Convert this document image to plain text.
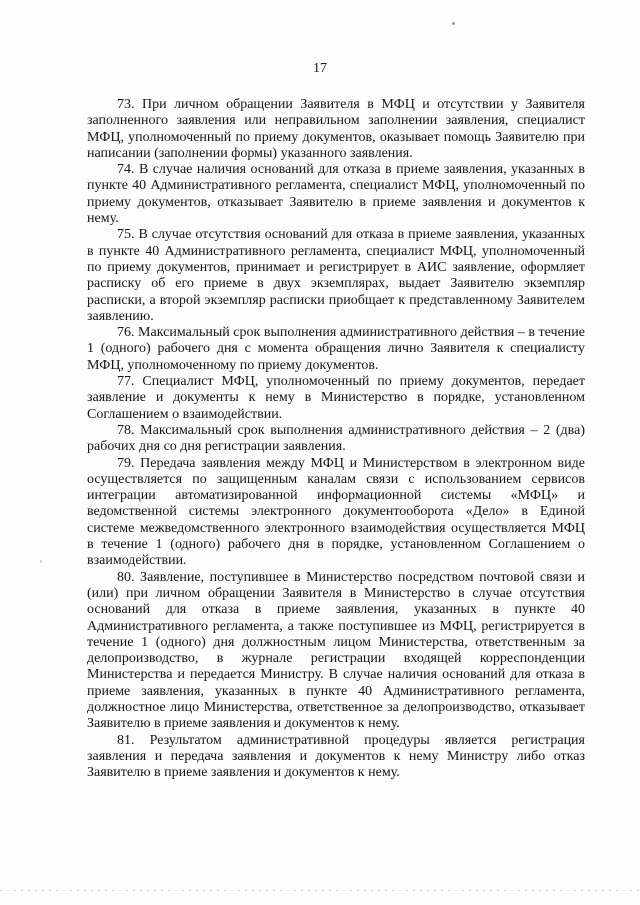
17

73. При личном обращении Заявителя в МФЦ и отсутствии у Заявителя заполненного заявления или неправильном заполнении заявления, специалист МФЦ, уполномоченный по приему документов, оказывает помощь Заявителю при написании (заполнении формы) указанного заявления.

74. В случае наличия оснований для отказа в приеме заявления, указанных в пункте 40 Административного регламента, специалист МФЦ, уполномоченный по приему документов, отказывает Заявителю в приеме заявления и документов к нему.

75. В случае отсутствия оснований для отказа в приеме заявления, указанных в пункте 40 Административного регламента, специалист МФЦ, уполномоченный по приему документов, принимает и регистрирует в АИС заявление, оформляет расписку об его приеме в двух экземплярах, выдает Заявителю экземпляр расписки, а второй экземпляр расписки приобщает к представленному Заявителем заявлению.

76. Максимальный срок выполнения административного действия – в течение 1 (одного) рабочего дня с момента обращения лично Заявителя к специалисту МФЦ, уполномоченному по приему документов.

77. Специалист МФЦ, уполномоченный по приему документов, передает заявление и документы к нему в Министерство в порядке, установленном Соглашением о взаимодействии.

78. Максимальный срок выполнения административного действия – 2 (два) рабочих дня со дня регистрации заявления.

79. Передача заявления между МФЦ и Министерством в электронном виде осуществляется по защищенным каналам связи с использованием сервисов интеграции автоматизированной информационной системы «МФЦ» и ведомственной системы электронного документооборота «Дело» в Единой системе межведомственного электронного взаимодействия осуществляется МФЦ в течение 1 (одного) рабочего дня в порядке, установленном Соглашением о взаимодействии.

80. Заявление, поступившее в Министерство посредством почтовой связи и (или) при личном обращении Заявителя в Министерство в случае отсутствия оснований для отказа в приеме заявления, указанных в пункте 40 Административного регламента, а также поступившее из МФЦ, регистрируется в течение 1 (одного) дня должностным лицом Министерства, ответственным за делопроизводство, в журнале регистрации входящей корреспонденции Министерства и передается Министру. В случае наличия оснований для отказа в приеме заявления, указанных в пункте 40 Административного регламента, должностное лицо Министерства, ответственное за делопроизводство, отказывает Заявителю в приеме заявления и документов к нему.

81. Результатом административной процедуры является регистрация заявления и передача заявления и документов к нему Министру либо отказ Заявителю в приеме заявления и документов к нему.
